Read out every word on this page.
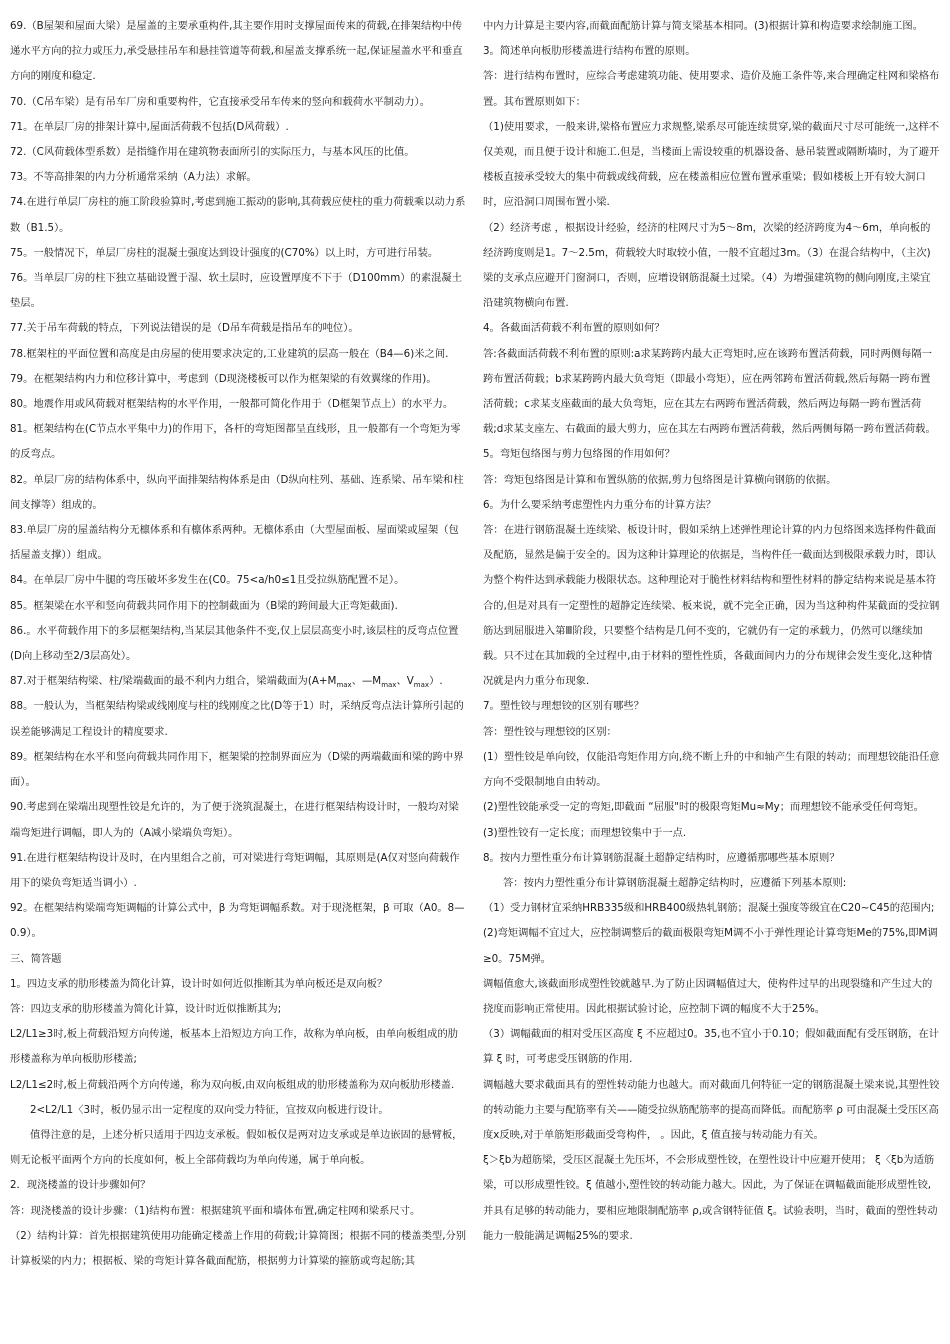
69.（B屋架和屋面大梁）是屋盖的主要承重构件,其主要作用时支撑屋面传来的荷载,在排架结构中传递水平方向的拉力或压力,承受悬挂吊车和悬挂管道等荷载,和屋盖支撑系统一起,保证屋盖水平和垂直方向的刚度和稳定.

70.（C吊车梁）是有吊车厂房和重要构件，它直接承受吊车传来的竖向和载荷水平制动力）。

71。在单层厂房的排架计算中,屋面活荷载不包括(D风荷载）.

72.（C风荷载体型系数）是指缝作用在建筑物表面所引的实际压力，与基本风压的比值。

73。不等高排架的内力分析通常采纳（A力法）求解。

74.在进行单层厂房柱的施工阶段验算时,考虑到施工振动的影响,其荷载应使柱的重力荷载乘以动力系数（B1.5）。

75。一般情况下，单层厂房柱的混凝土强度达到设计强度的(C70%）以上时，方可进行吊装。

76。当单层厂房的柱下独立基础设置于湿、软土层时，应设置厚度不下于（D100mm）的素混凝土垫层。

77.关于吊车荷载的特点，下列说法错误的是（D吊车荷载是指吊车的吨位）。

78.框架柱的平面位置和高度是由房屋的使用要求决定的,工业建筑的层高一般在（B4—6)米之间.

79。在框架结构内力和位移计算中，考虑到（D现浇楼板可以作为框架梁的有效翼缘的作用)。

80。地震作用或风荷载对框架结构的水平作用，一般都可简化作用于（D框架节点上）的水平力。

81。框架结构在(C节点水平集中力)的作用下，各杆的弯矩图都呈直线形，且一般都有一个弯矩为零的反弯点。

82。单层厂房的结构体系中，纵向平面排架结构体系是由（D纵向柱列、基础、连系梁、吊车梁和柱间支撑等）组成的。

83.单层厂房的屋盖结构分无檩体系和有檩体系两种。无檩体系由（大型屋面板、屋面梁或屋架（包括屋盖支撑））组成。

84。在单层厂房中牛腿的弯压破坏多发生在(C0。75<a/h0≤1且受拉纵筋配置不足）。

85。框架梁在水平和竖向荷载共同作用下的控制截面为（B梁的跨间最大正弯矩截面).

86.。水平荷载作用下的多层框架结构,当某层其他条件不变,仅上层层高变小时,该层柱的反弯点位置(D向上移动至2/3层高处）。

87.对于框架结构梁、柱/梁端截面的最不利内力组合，梁端截面为($A+M_{max}$、$—M_{max}$、$V_{max}$）.

88。一般认为，当框架结构梁或线刚度与柱的线刚度之比(D等于1）时，采纳反弯点法计算所引起的误差能够满足工程设计的精度要求.

89。框架结构在水平和竖向荷载共同作用下，框架梁的控制界面应为（D梁的两端截面和梁的跨中界面）。

90.考虑到在梁端出现塑性铰是允许的，为了便于浇筑混凝土，在进行框架结构设计时，一般均对梁端弯矩进行调幅，即人为的（A减小梁端负弯矩）。

91.在进行框架结构设计及时，在内里组合之前，可对梁进行弯矩调幅，其原则是(A仅对竖向荷载作用下的梁负弯矩适当调小）.

92。在框架结构梁端弯矩调幅的计算公式中，β 为弯矩调幅系数。对于现浇框架，β 可取（A0。8—0.9）。

三、简答题

1。四边支承的肋形楼盖为简化计算，设计时如何近似推断其为单向板还是双向板？

答：四边支承的肋形楼盖为简化计算，设计时近似推断其为;

L2/L1≥3时,板上荷载沿短方向传递，板基本上沿短边方向工作，故称为单向板，由单向板组成的肋形楼盖称为单向板肋形楼盖;

L2/L1≤2时,板上荷载沿两个方向传递，称为双向板,由双向板组成的肋形楼盖称为双向板肋形楼盖.

2<L2/L1〈3时，板仍显示出一定程度的双向受力特征，宜按双向板进行设计。

值得注意的是，上述分析只适用于四边支承板。假如板仅是两对边支承或是单边嵌固的悬臂板，则无论板平面两个方向的长度如何，板上全部荷载均为单向传递，属于单向板。

2．现浇楼盖的设计步骤如何？

答：现浇楼盖的设计步骤：（1)结构布置：根据建筑平面和墙体布置,确定柱网和梁系尺寸。

（2）结构计算：首先根据建筑使用功能确定楼盖上作用的荷载;计算简图；根据不同的楼盖类型,分别计算板梁的内力；根据板、梁的弯矩计算各截面配筋，根据剪力计算梁的箍筋或弯起筋;其

中内力计算是主要内容,而截面配筋计算与简支梁基本相同。(3)根据计算和构造要求绘制施工图。

3。简述单向板肋形楼盖进行结构布置的原则。

答：进行结构布置时，应综合考虑建筑功能、使用要求、造价及施工条件等,来合理确定柱网和梁格布置。其布置原则如下：

（1)使用要求，一般来讲,梁格布置应力求规整,梁系尽可能连续贯穿,梁的截面尺寸尽可能统一,这样不仅美观，而且便于设计和施工.但是，当楼面上需设较重的机器设备、悬吊装置或隔断墙时，为了避开楼板直接承受较大的集中荷载或线荷载，应在楼盖相应位置布置承重梁；假如楼板上开有较大洞口时，应沿洞口周围布置小梁.

（2）经济考虑 ，根据设计经验，经济的柱网尺寸为5～8m，次梁的经济跨度为4～6m，单向板的经济跨度则是1。7～2.5m，荷载较大时取较小值，一般不宜超过3m。（3）在混合结构中，（主次)梁的支承点应避开门窗洞口，否则，应增设钢筋混凝土过梁。（4）为增强建筑物的侧向刚度,主梁宜沿建筑物横向布置.

4。各截面活荷载不利布置的原则如何？

答:各截面活荷载不利布置的原则:a求某跨跨内最大正弯矩时,应在该跨布置活荷载，同时两侧每隔一跨布置活荷载；b求某跨跨内最大负弯矩（即最小弯矩），应在两邻跨布置活荷载,然后每隔一跨布置活荷载；c求某支座截面的最大负弯矩，应在其左右两跨布置活荷载，然后两边每隔一跨布置活荷载;d求某支座左、右截面的最大剪力，应在其左右两跨布置活荷载，然后两侧每隔一跨布置活荷载。

5。弯矩包络图与剪力包络图的作用如何？

答：弯矩包络图是计算和布置纵筋的依据,剪力包络图是计算横向钢筋的依据。

6。为什么要采纳考虑塑性内力重分布的计算方法？

答：在进行钢筋混凝土连续梁、板设计时，假如采纳上述弹性理论计算的内力包络图来选择构件截面及配筋，显然是偏于安全的。因为这种计算理论的依据是，当构件任一截面达到极限承载力时，即认为整个构件达到承载能力极限状态。这种理论对于脆性材料结构和塑性材料的静定结构来说是基本符合的,但是对具有一定塑性的超静定连续梁、板来说，就不完全正确，因为当这种构件某截面的受拉钢筋达到屈服进入第Ⅲ阶段，只要整个结构是几何不变的，它就仍有一定的承载力，仍然可以继续加载。只不过在其加载的全过程中,由于材料的塑性性质，各截面间内力的分布规律会发生变化,这种情况就是内力重分布现象.

7。塑性铰与理想铰的区别有哪些？

答：塑性铰与理想铰的区别：

(1）塑性铰是单向铰，仅能沿弯矩作用方向,绕不断上升的中和轴产生有限的转动；而理想铰能沿任意方向不受限制地自由转动。

(2)塑性铰能承受一定的弯矩,即截面 “屈服"时的极限弯矩Mu≈My；而理想铰不能承受任何弯矩。

(3)塑性铰有一定长度；而理想铰集中于一点.

8。按内力塑性重分布计算钢筋混凝土超静定结构时，应遵循那哪些基本原则？

答：按内力塑性重分布计算钢筋混凝土超静定结构时，应遵循下列基本原则:

（1）受力钢材宜采纳HRB335级和HRB400级热轧钢筋；混凝土强度等级宜在C20~C45的范围内;

(2)弯矩调幅不宜过大，应控制调整后的截面极限弯矩M调不小于弹性理论计算弯矩Me的75%,即M调≥0。75M弹。

调幅值愈大,该截面形成塑性铰就越早.为了防止因调幅值过大，使构件过早的出现裂缝和产生过大的挠度而影响正常使用。因此根据试验讨论，应控制下调的幅度不大于25%。

（3）调幅截面的相对受压区高度 ξ 不应超过0。35,也不宜小于0.10；假如截面配有受压钢筋，在计算 ξ 时，可考虑受压钢筋的作用.

调幅越大要求截面具有的塑性转动能力也越大。而对截面几何特征一定的钢筋混凝土梁来说,其塑性铰的转动能力主要与配筋率有关——随受拉纵筋配筋率的提高而降低。而配筋率 ρ 可由混凝土受压区高度x反映,对于单筋矩形截面受弯构件， 。因此，ξ 值直接与转动能力有关。

ξ＞ξb为超筋梁，受压区混凝土先压坏，不会形成塑性铰，在塑性设计中应避开使用； ξ〈ξb为适筋梁，可以形成塑性铰。ξ 值越小,塑性铰的转动能力越大。因此，为了保证在调幅截面能形成塑性铰,并具有足够的转动能力，要相应地限制配筋率 ρ,或含钢特征值 ξ。试验表明，当时，截面的塑性转动能力一般能满足调幅25%的要求.
